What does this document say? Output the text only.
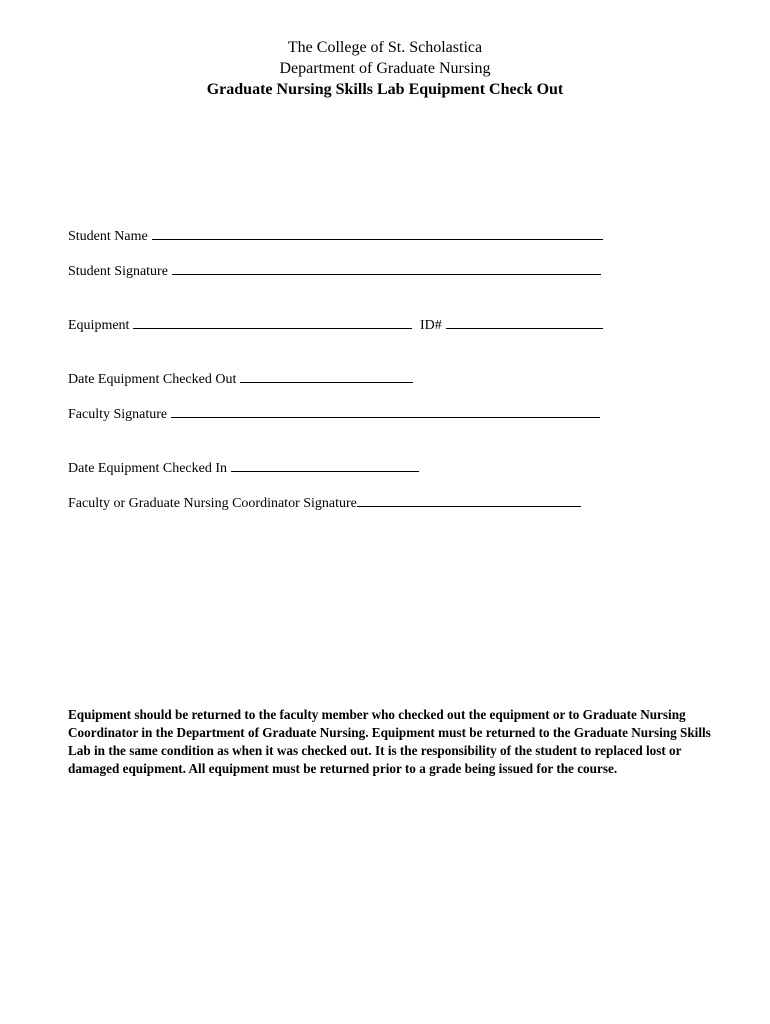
The College of St. Scholastica
Department of Graduate Nursing
Graduate Nursing Skills Lab Equipment Check Out
Student Name
Student Signature
Equipment	ID#
Date Equipment Checked Out
Faculty Signature
Date Equipment Checked In
Faculty or Graduate Nursing Coordinator Signature
Equipment should be returned to the faculty member who checked out the equipment or to Graduate Nursing Coordinator in the Department of Graduate Nursing. Equipment must be returned to the Graduate Nursing Skills Lab in the same condition as when it was checked out. It is the responsibility of the student to replaced lost or damaged equipment. All equipment must be returned prior to a grade being issued for the course.
